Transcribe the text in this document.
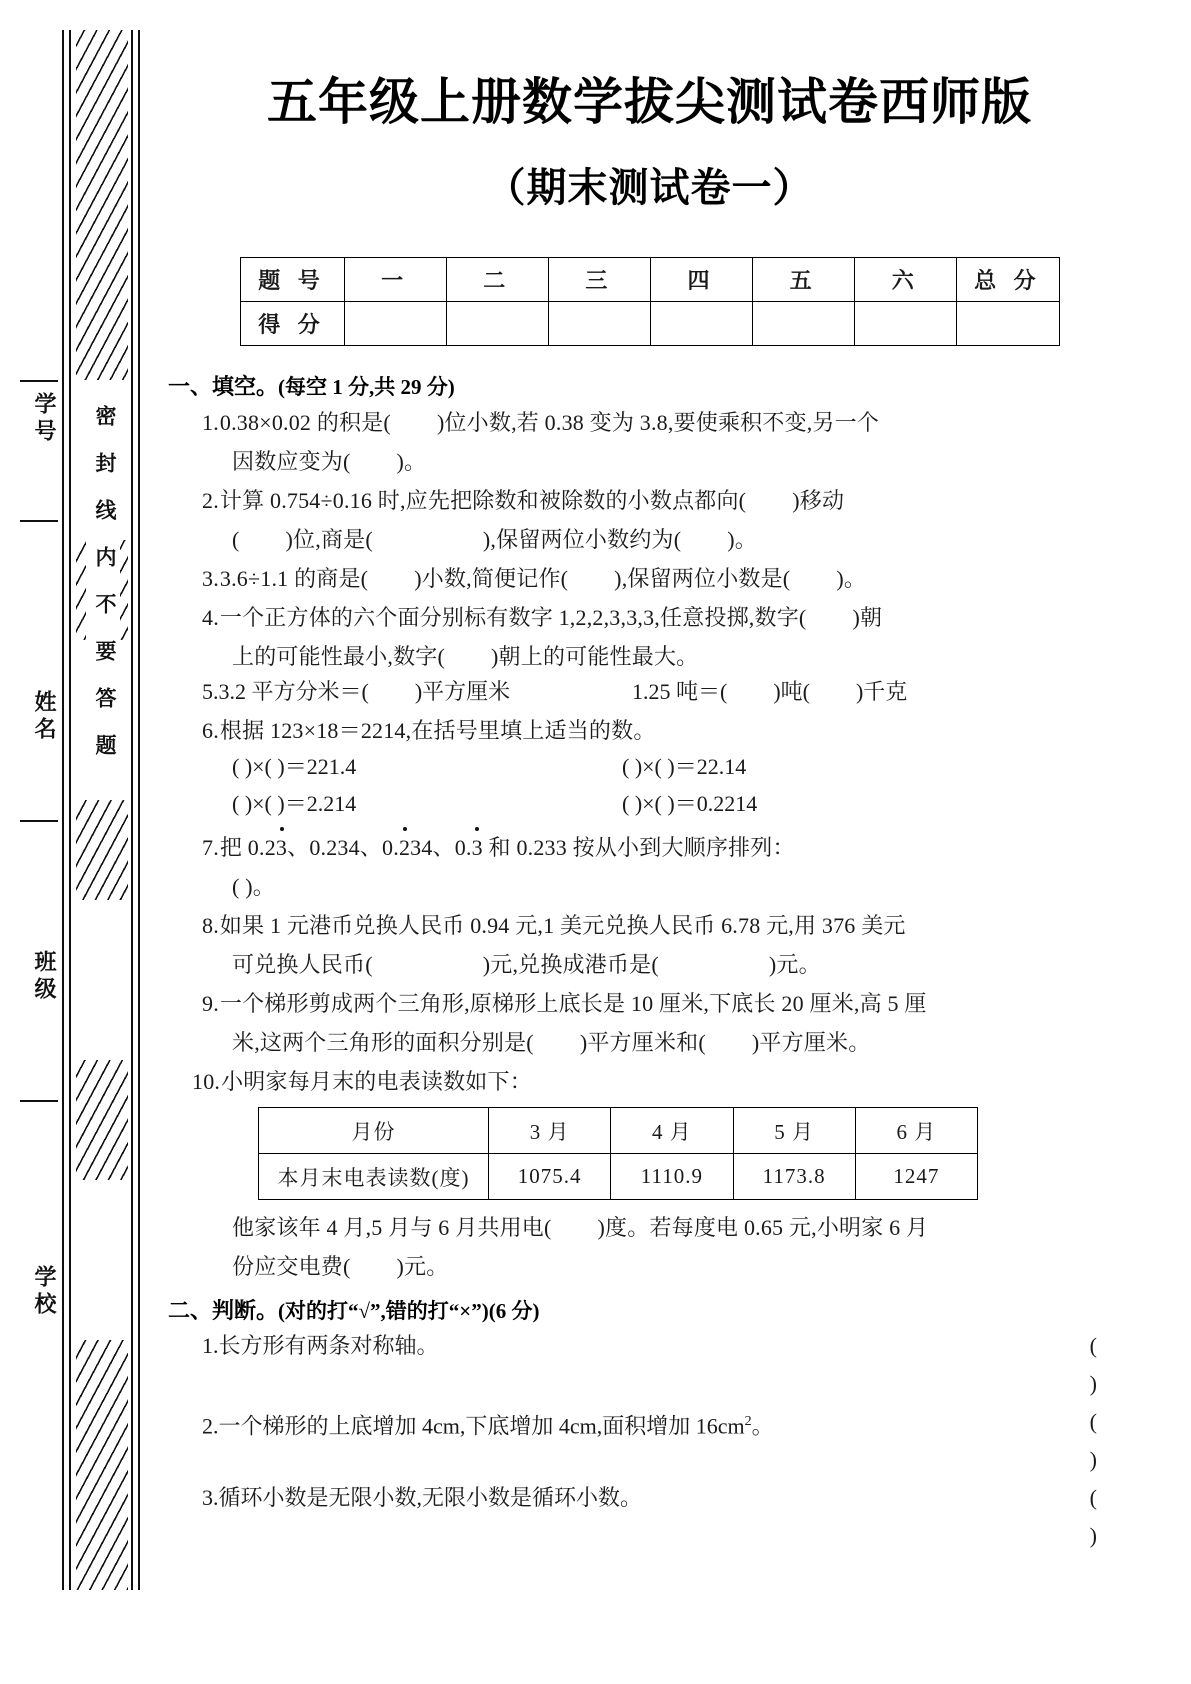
学号
姓名
班级
学校
密封线内不要答题
五年级上册数学拔尖测试卷西师版
（期末测试卷一）
题 号	一	二	三	四	五	六	总 分
得 分							
一、填空。(每空 1 分,共 29 分)
1.0.38×0.02 的积是( )位小数,若 0.38 变为 3.8,要使乘积不变,另一个
因数应变为( )。
2.计算 0.754÷0.16 时,应先把除数和被除数的小数点都向( )移动
( )位,商是(	),保留两位小数约为( )。
3.3.6÷1.1 的商是( )小数,简便记作( ),保留两位小数是( )。
4.一个正方体的六个面分别标有数字 1,2,2,3,3,3,任意投掷,数字( )朝
上的可能性最小,数字( )朝上的可能性最大。
5.3.2 平方分米＝( )平方厘米	1.25 吨＝( )吨( )千克
6.根据 123×18＝2214,在括号里填上适当的数。
( )×( )＝221.4	( )×( )＝22.14
( )×( )＝2.214	( )×( )＝0.2214
7.把 0.23、0.234、0.234、0.3 和 0.233 按从小到大顺序排列：
( )。
8.如果 1 元港币兑换人民币 0.94 元,1 美元兑换人民币 6.78 元,用 376 美元
可兑换人民币(	)元,兑换成港币是(	)元。
9.一个梯形剪成两个三角形,原梯形上底长是 10 厘米,下底长 20 厘米,高 5 厘
米,这两个三角形的面积分别是( )平方厘米和( )平方厘米。
10.小明家每月末的电表读数如下：
月份	3 月	4 月	5 月	6 月
本月末电表读数(度)	1075.4	1110.9	1173.8	1247
他家该年 4 月,5 月与 6 月共用电( )度。若每度电 0.65 元,小明家 6 月
份应交电费( )元。
二、判断。(对的打“√”,错的打“×”)(6 分)
1.长方形有两条对称轴。	( )
2.一个梯形的上底增加 4cm,下底增加 4cm,面积增加 $16cm^2$。	( )
3.循环小数是无限小数,无限小数是循环小数。	( )
